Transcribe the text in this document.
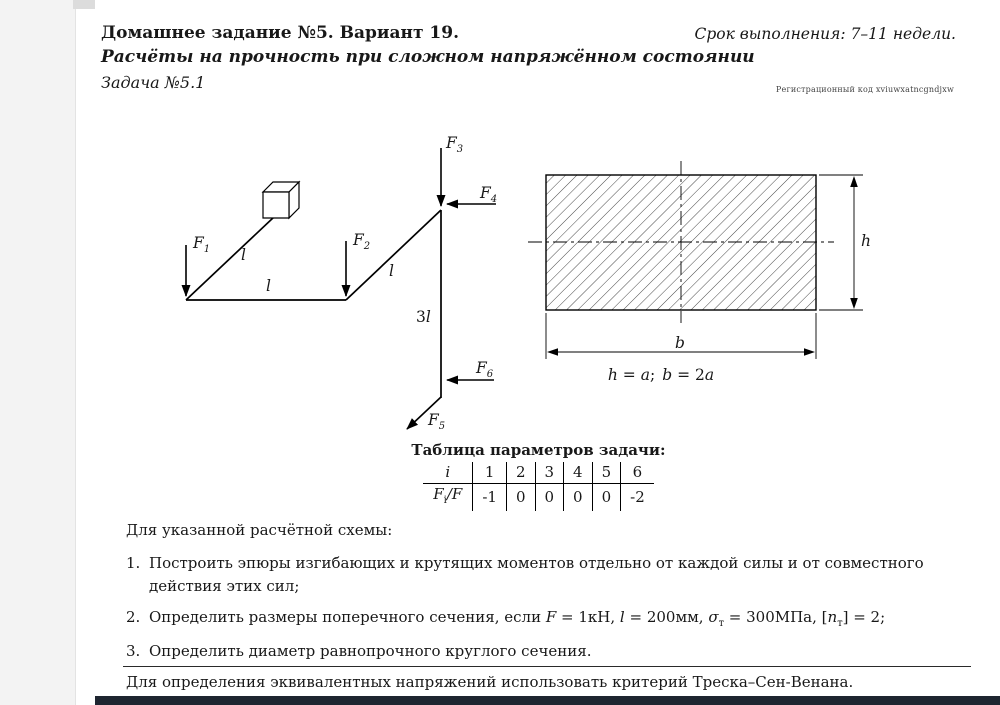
Домашнее задание №5. Вариант 19.	Срок выполнения: 7–11 недели.
Расчёты на прочность при сложном напряжённом состоянии
Задача №5.1	Регистрационный код xviuwxatncgndjxw
$F_3$
$F_4$
$F_1$
$F_2$
$F_6$
$F_5$
l
l
l
3l
h
b
h = a; b = 2a
Таблица параметров задачи:
i	1	2	3	4	5	6
$F_i/F$	-1	0	0	0	0	-2
Для указанной расчётной схемы:
1. Построить эпюры изгибающих и крутящих моментов отдельно от каждой силы и от совместного действия этих сил;
2. Определить размеры поперечного сечения, если F = 1кН, l = 200мм, $\sigma_т = 300МПа$, $[n_т] = 2$;
3. Определить диаметр равнопрочного круглого сечения.
Для определения эквивалентных напряжений использовать критерий Треска–Сен-Венана.
